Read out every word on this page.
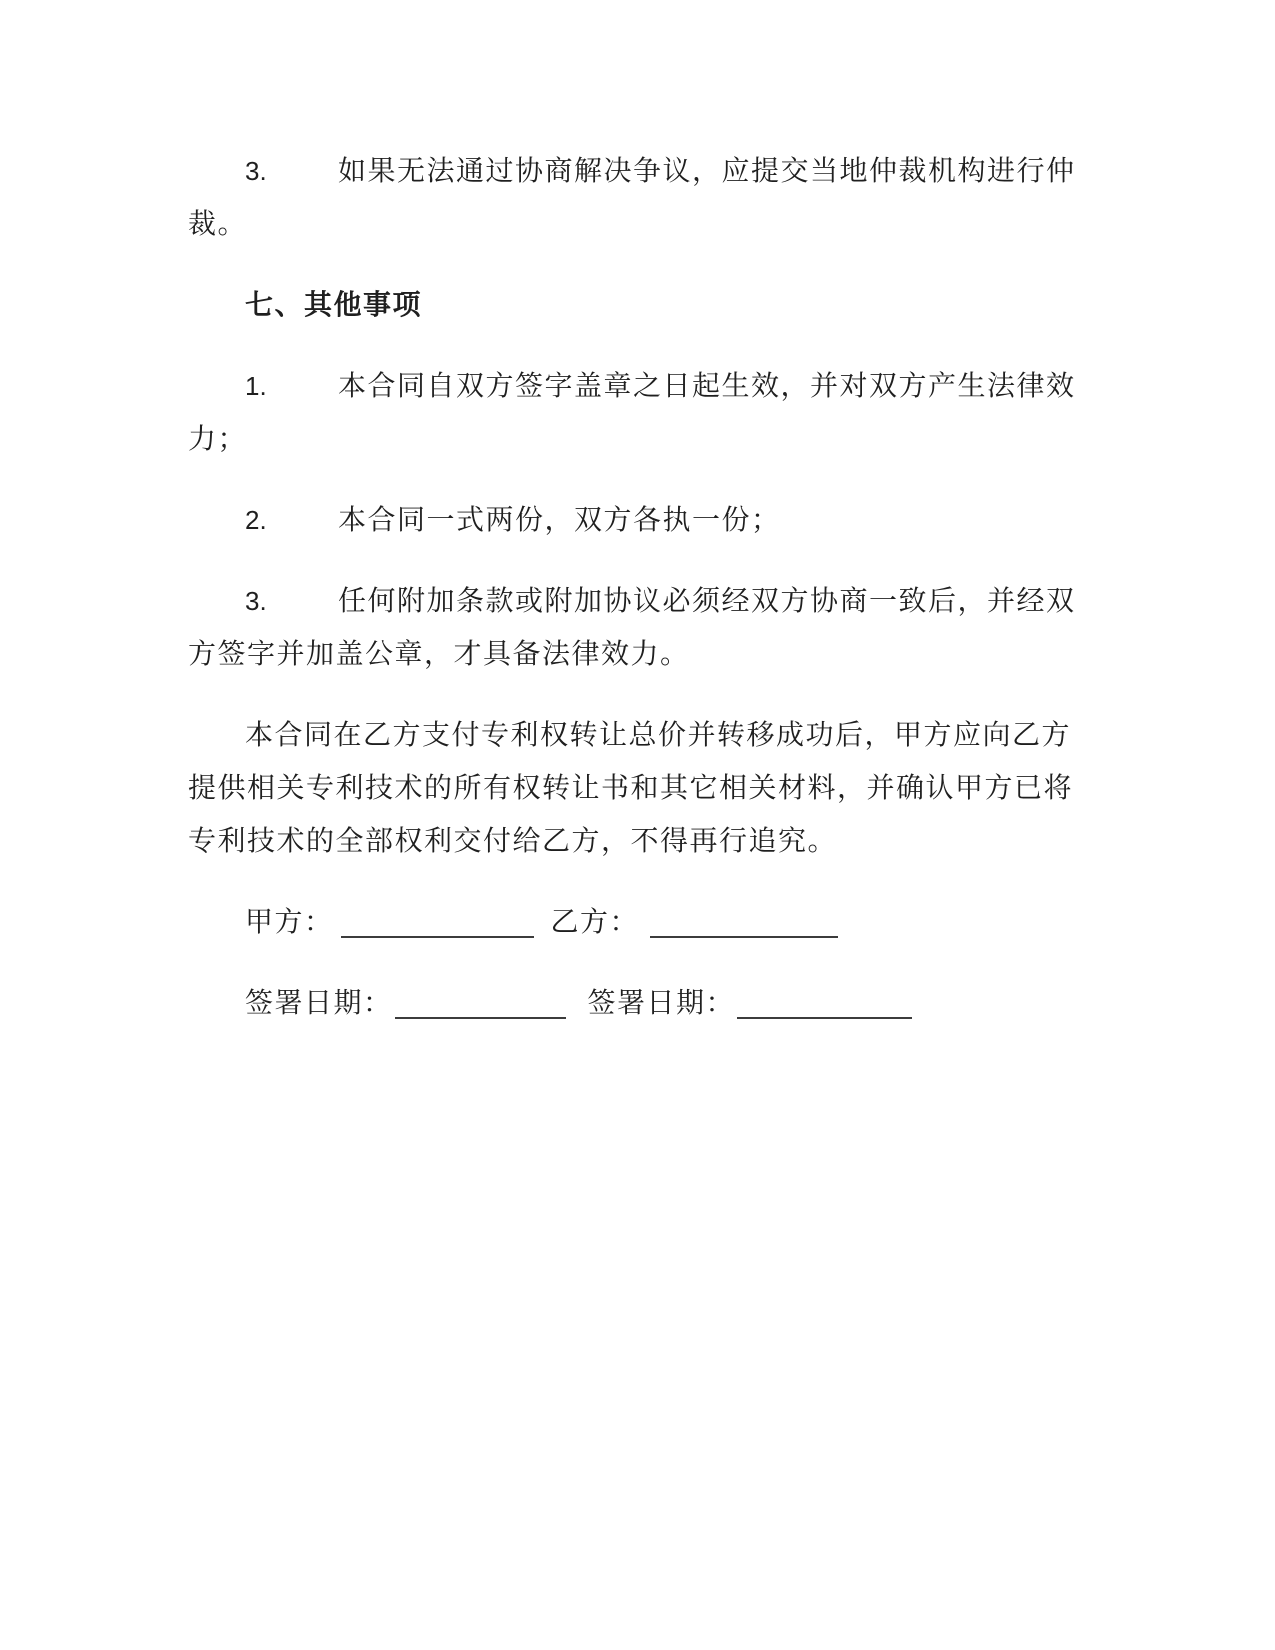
3.	如果无法通过协商解决争议，应提交当地仲裁机构进行仲裁。

七、其他事项

1.	本合同自双方签字盖章之日起生效，并对双方产生法律效力；

2.	本合同一式两份，双方各执一份；

3.	任何附加条款或附加协议必须经双方协商一致后，并经双方签字并加盖公章，才具备法律效力。

本合同在乙方支付专利权转让总价并转移成功后，甲方应向乙方提供相关专利技术的所有权转让书和其它相关材料，并确认甲方已将专利技术的全部权利交付给乙方，不得再行追究。

甲方：	乙方：
签署日期：	签署日期：
